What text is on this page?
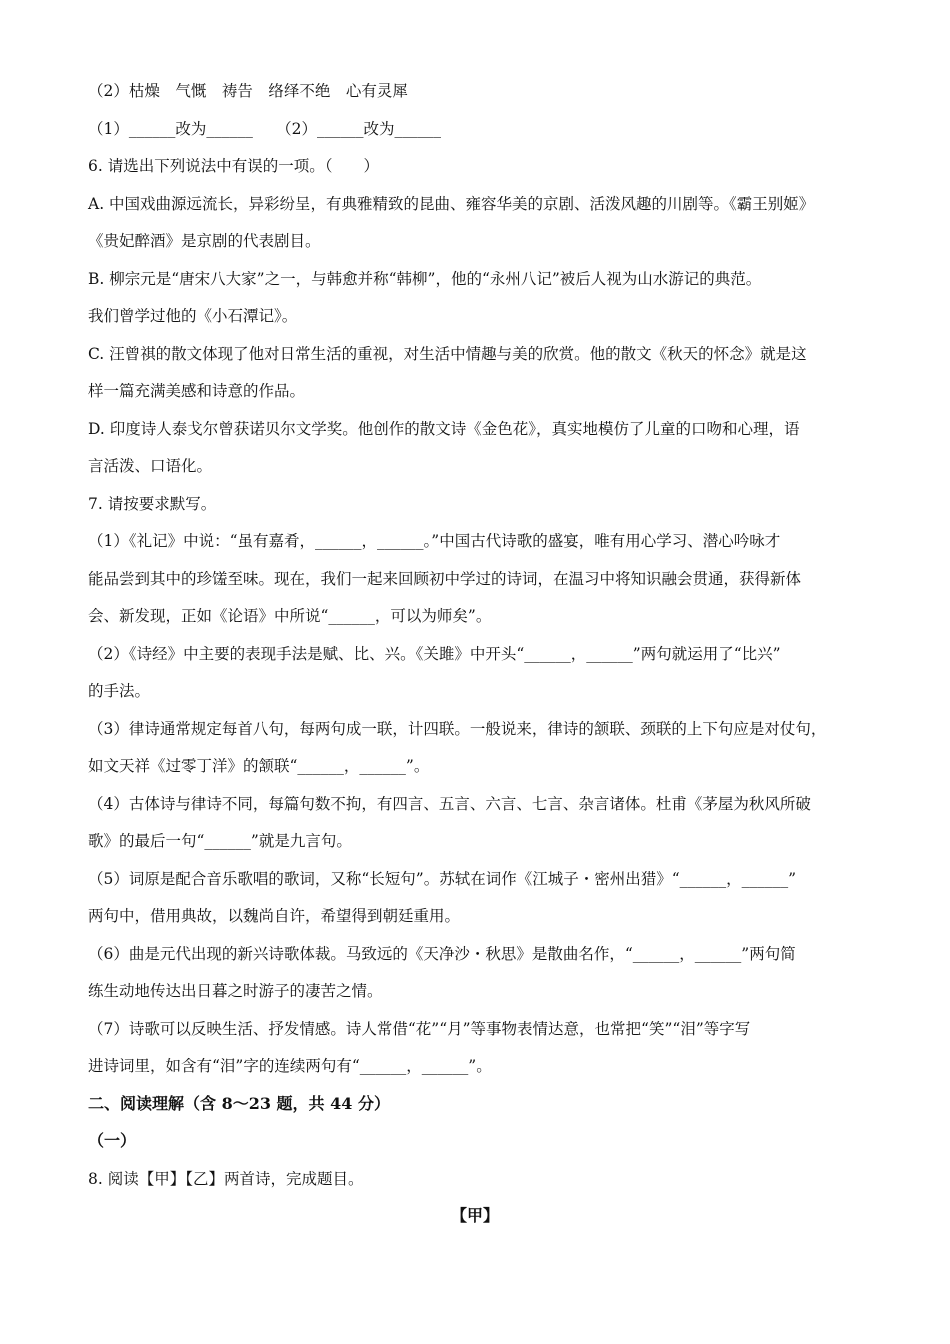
（2）枯燥　气慨　祷告　络绎不绝　心有灵犀
（1）______改为______　　（2）______改为______
6. 请选出下列说法中有误的一项。（　　）
A. 中国戏曲源远流长，异彩纷呈，有典雅精致的昆曲、雍容华美的京剧、活泼风趣的川剧等。《霸王别姬》
《贵妃醉酒》是京剧的代表剧目。
B. 柳宗元是“唐宋八大家”之一，与韩愈并称“韩柳”，他的“永州八记”被后人视为山水游记的典范。
我们曾学过他的《小石潭记》。
C. 汪曾祺的散文体现了他对日常生活的重视，对生活中情趣与美的欣赏。他的散文《秋天的怀念》就是这
样一篇充满美感和诗意的作品。
D. 印度诗人泰戈尔曾获诺贝尔文学奖。他创作的散文诗《金色花》，真实地模仿了儿童的口吻和心理，语
言活泼、口语化。
7. 请按要求默写。
（1）《礼记》中说：“虽有嘉肴，______，______。”中国古代诗歌的盛宴，唯有用心学习、潜心吟咏才
能品尝到其中的珍馐至味。现在，我们一起来回顾初中学过的诗词，在温习中将知识融会贯通，获得新体
会、新发现，正如《论语》中所说“______，可以为师矣”。
（2）《诗经》中主要的表现手法是赋、比、兴。《关雎》中开头“______，______”两句就运用了“比兴”
的手法。
（3）律诗通常规定每首八句，每两句成一联，计四联。一般说来，律诗的颔联、颈联的上下句应是对仗句，
如文天祥《过零丁洋》的颔联“______，______”。
（4）古体诗与律诗不同，每篇句数不拘，有四言、五言、六言、七言、杂言诸体。杜甫《茅屋为秋风所破
歌》的最后一句“______”就是九言句。
（5）词原是配合音乐歌唱的歌词，又称“长短句”。苏轼在词作《江城子・密州出猎》“______，______”
两句中，借用典故，以魏尚自许，希望得到朝廷重用。
（6）曲是元代出现的新兴诗歌体裁。马致远的《天净沙・秋思》是散曲名作，“______，______”两句简
练生动地传达出日暮之时游子的凄苦之情。
（7）诗歌可以反映生活、抒发情感。诗人常借“花”“月”等事物表情达意，也常把“笑”“泪”等字写
进诗词里，如含有“泪”字的连续两句有“______，______”。
二、阅读理解（含 8～23 题，共 44 分）
（一）
8. 阅读【甲】【乙】两首诗，完成题目。
【甲】
